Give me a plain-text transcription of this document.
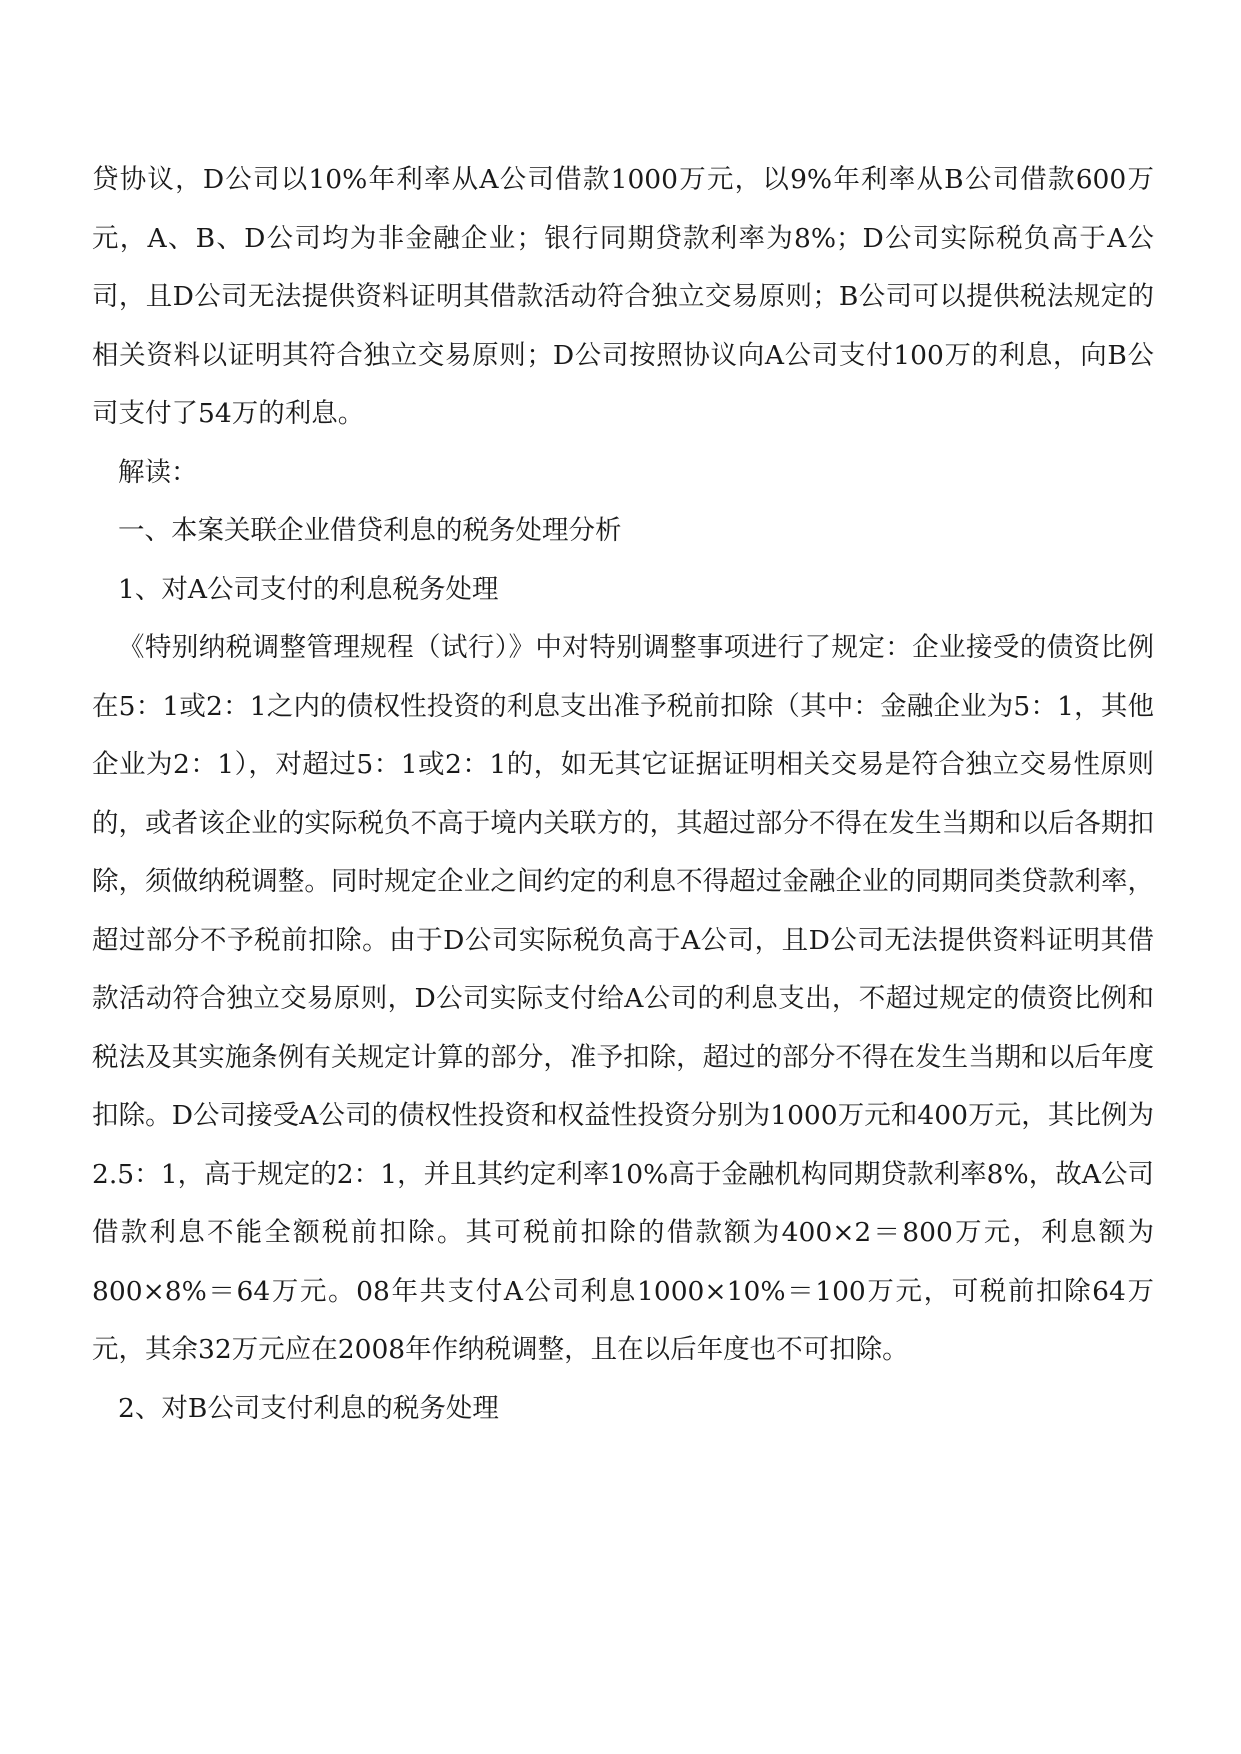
贷协议，D公司以10%年利率从A公司借款1000万元，以9%年利率从B公司借款600万元，A、B、D公司均为非金融企业；银行同期贷款利率为8%；D公司实际税负高于A公司，且D公司无法提供资料证明其借款活动符合独立交易原则；B公司可以提供税法规定的相关资料以证明其符合独立交易原则；D公司按照协议向A公司支付100万的利息，向B公司支付了54万的利息。

解读：

一、本案关联企业借贷利息的税务处理分析

1、对A公司支付的利息税务处理

《特别纳税调整管理规程（试行）》中对特别调整事项进行了规定：企业接受的债资比例在5：1或2：1之内的债权性投资的利息支出准予税前扣除（其中：金融企业为5：1，其他企业为2：1），对超过5：1或2：1的，如无其它证据证明相关交易是符合独立交易性原则的，或者该企业的实际税负不高于境内关联方的，其超过部分不得在发生当期和以后各期扣除，须做纳税调整。同时规定企业之间约定的利息不得超过金融企业的同期同类贷款利率，超过部分不予税前扣除。由于D公司实际税负高于A公司，且D公司无法提供资料证明其借款活动符合独立交易原则，D公司实际支付给A公司的利息支出，不超过规定的债资比例和税法及其实施条例有关规定计算的部分，准予扣除，超过的部分不得在发生当期和以后年度扣除。D公司接受A公司的债权性投资和权益性投资分别为1000万元和400万元，其比例为2.5：1，高于规定的2：1，并且其约定利率10%高于金融机构同期贷款利率8%，故A公司借款利息不能全额税前扣除。其可税前扣除的借款额为400×2＝800万元，利息额为800×8%＝64万元。08年共支付A公司利息1000×10%＝100万元，可税前扣除64万元，其余32万元应在2008年作纳税调整，且在以后年度也不可扣除。

2、对B公司支付利息的税务处理
